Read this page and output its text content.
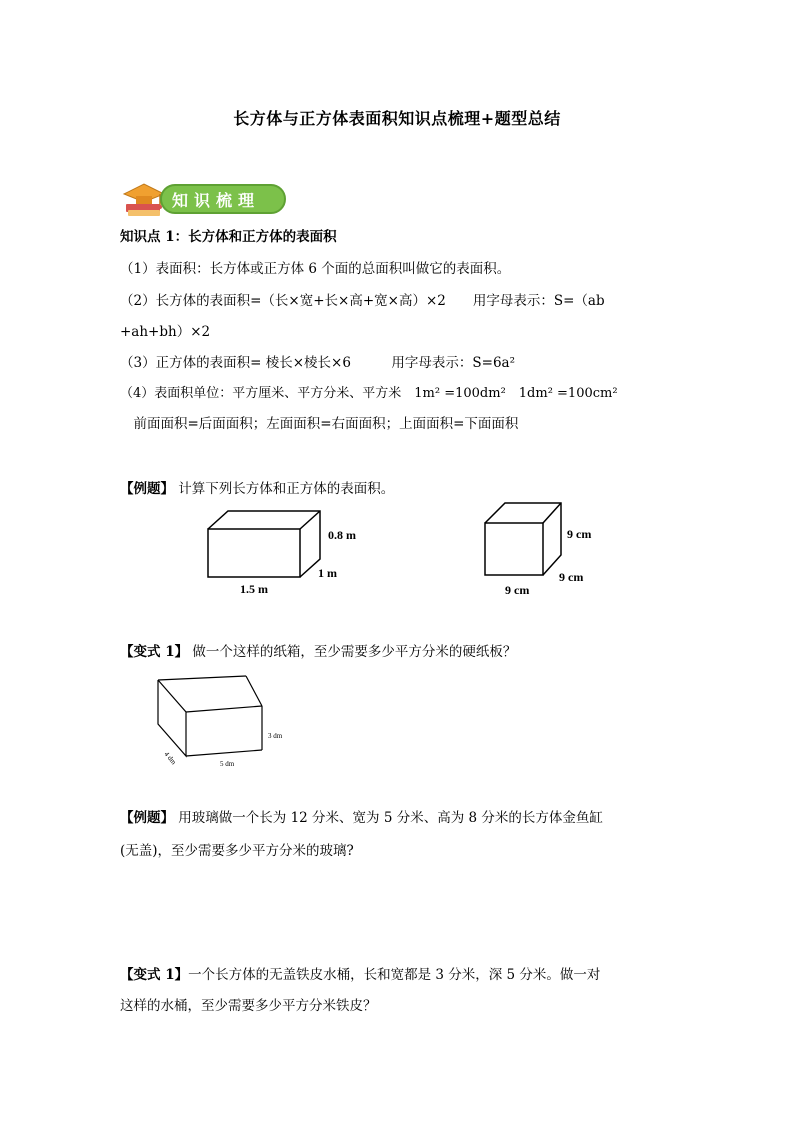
长方体与正方体表面积知识点梳理+题型总结
知识梳理
知识点 1：长方体和正方体的表面积
（1）表面积：长方体或正方体 6 个面的总面积叫做它的表面积。
（2）长方体的表面积=（长×宽+长×高+宽×高）×2　　用字母表示：S=（ab
+ah+bh）×2
（3）正方体的表面积= 棱长×棱长×6　　　用字母表示：S=6a²
（4）表面积单位：平方厘米、平方分米、平方米　1m² =100dm²　1dm² =100cm²
　前面面积=后面面积；左面面积=右面面积；上面面积=下面面积
【例题】 计算下列长方体和正方体的表面积。
0.8 m
1 m
1.5 m
9 cm
9 cm
9 cm
【变式 1】 做一个这样的纸箱，至少需要多少平方分米的硬纸板？
3 dm
4 dm	5 dm
【例题】 用玻璃做一个长为 12 分米、宽为 5 分米、高为 8 分米的长方体金鱼缸
(无盖)，至少需要多少平方分米的玻璃?
【变式 1】一个长方体的无盖铁皮水桶，长和宽都是 3 分米，深 5 分米。做一对
这样的水桶，至少需要多少平方分米铁皮？
